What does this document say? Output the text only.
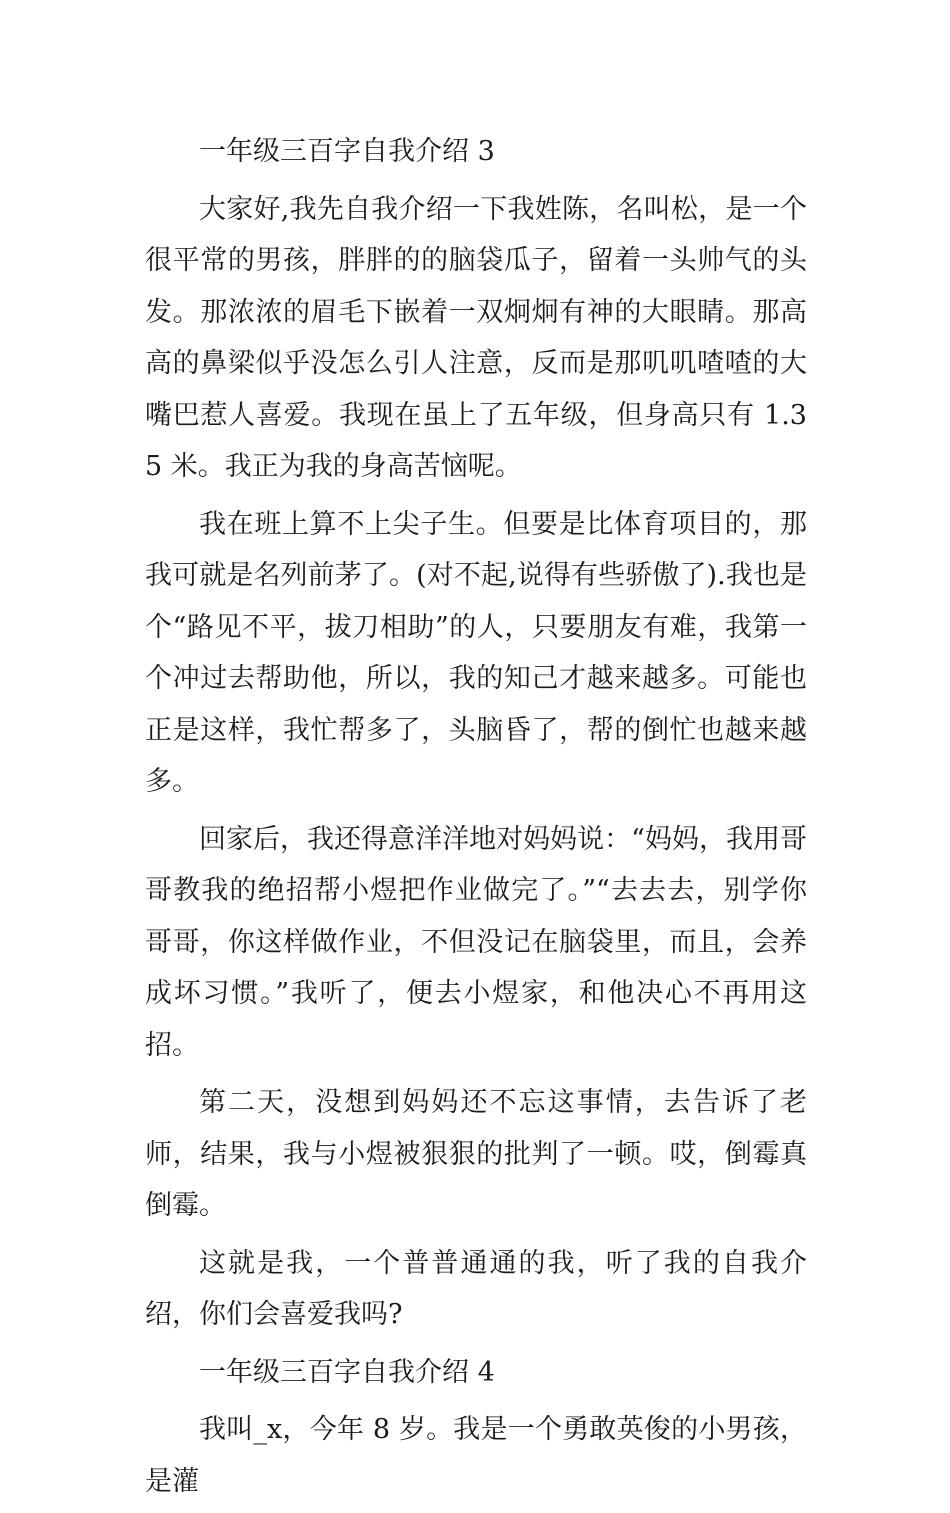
一年级三百字自我介绍 3

大家好,我先自我介绍一下我姓陈，名叫松，是一个很平常的男孩，胖胖的的脑袋瓜子，留着一头帅气的头发。那浓浓的眉毛下嵌着一双炯炯有神的大眼睛。那高高的鼻梁似乎没怎么引人注意，反而是那叽叽喳喳的大嘴巴惹人喜爱。我现在虽上了五年级，但身高只有 1.35 米。我正为我的身高苦恼呢。

我在班上算不上尖子生。但要是比体育项目的，那我可就是名列前茅了。(对不起,说得有些骄傲了).我也是个“路见不平，拔刀相助”的人，只要朋友有难，我第一个冲过去帮助他，所以，我的知己才越来越多。可能也正是这样，我忙帮多了，头脑昏了，帮的倒忙也越来越多。

回家后，我还得意洋洋地对妈妈说：“妈妈，我用哥哥教我的绝招帮小煜把作业做完了。”“去去去，别学你哥哥，你这样做作业，不但没记在脑袋里，而且，会养成坏习惯。”我听了，便去小煜家，和他决心不再用这招。

第二天，没想到妈妈还不忘这事情，去告诉了老师，结果，我与小煜被狠狠的批判了一顿。哎，倒霉真倒霉。

这就是我，一个普普通通的我，听了我的自我介绍，你们会喜爱我吗?

一年级三百字自我介绍 4

我叫_x，今年 8 岁。我是一个勇敢英俊的小男孩，是灌
